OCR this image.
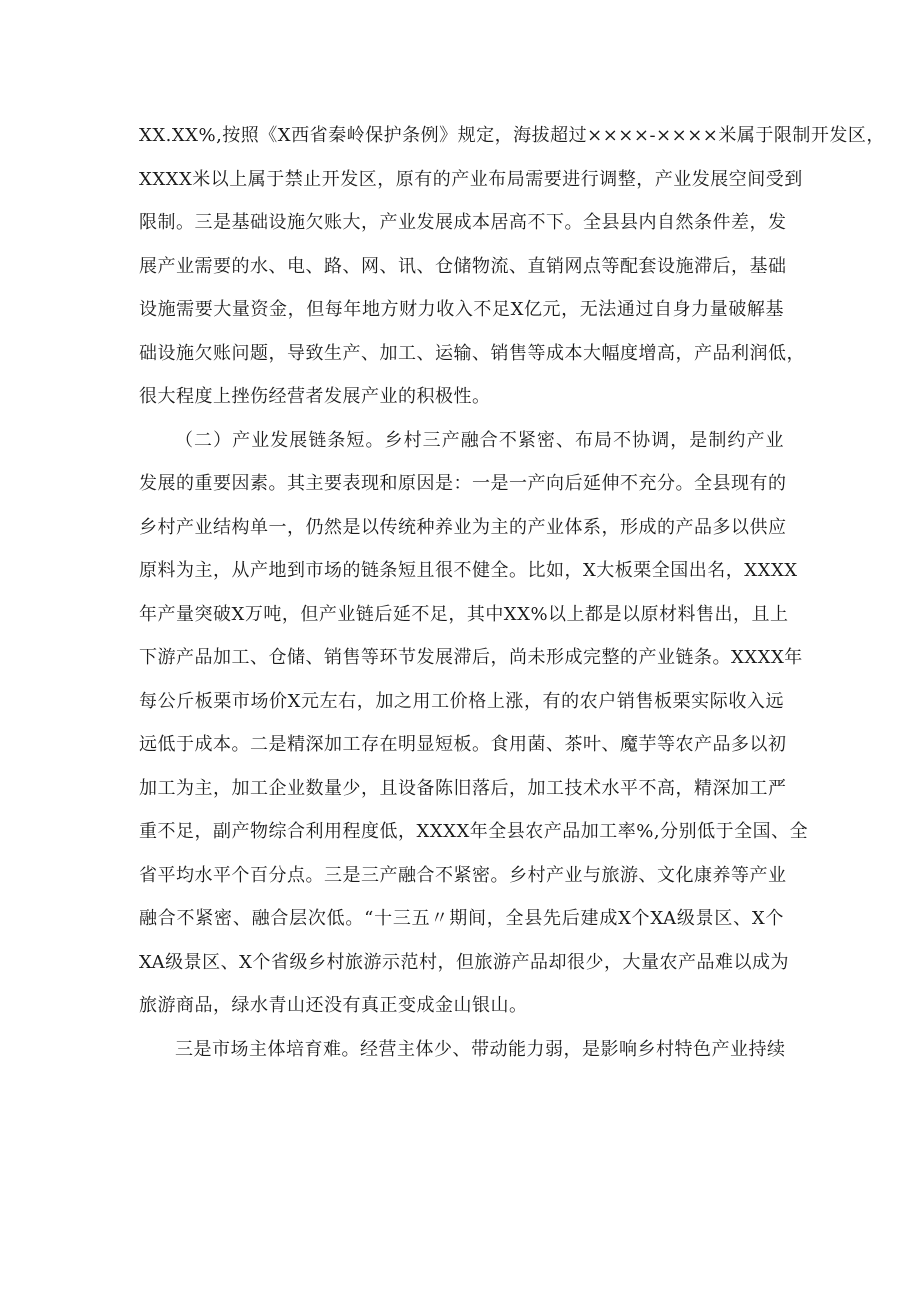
XX.XX%,按照《X西省秦岭保护条例》规定，海拔超过××××-××××米属于限制开发区，
XXXX米以上属于禁止开发区，原有的产业布局需要进行调整，产业发展空间受到
限制。三是基础设施欠账大，产业发展成本居高不下。全县县内自然条件差，发
展产业需要的水、电、路、网、讯、仓储物流、直销网点等配套设施滞后，基础
设施需要大量资金，但每年地方财力收入不足X亿元，无法通过自身力量破解基
础设施欠账问题，导致生产、加工、运输、销售等成本大幅度增高，产品利润低，
很大程度上挫伤经营者发展产业的积极性。
（二）产业发展链条短。乡村三产融合不紧密、布局不协调，是制约产业
发展的重要因素。其主要表现和原因是：一是一产向后延伸不充分。全县现有的
乡村产业结构单一，仍然是以传统种养业为主的产业体系，形成的产品多以供应
原料为主，从产地到市场的链条短且很不健全。比如，X大板栗全国出名，XXXX
年产量突破X万吨，但产业链后延不足，其中XX%以上都是以原材料售出，且上
下游产品加工、仓储、销售等环节发展滞后，尚未形成完整的产业链条。XXXX年
每公斤板栗市场价X元左右，加之用工价格上涨，有的农户销售板栗实际收入远
远低于成本。二是精深加工存在明显短板。食用菌、茶叶、魔芋等农产品多以初
加工为主，加工企业数量少，且设备陈旧落后，加工技术水平不高，精深加工严
重不足，副产物综合利用程度低，XXXX年全县农产品加工率%,分别低于全国、全
省平均水平个百分点。三是三产融合不紧密。乡村产业与旅游、文化康养等产业
融合不紧密、融合层次低。“十三五〃期间，全县先后建成X个XA级景区、X个
XA级景区、X个省级乡村旅游示范村，但旅游产品却很少，大量农产品难以成为
旅游商品，绿水青山还没有真正变成金山银山。
三是市场主体培育难。经营主体少、带动能力弱，是影响乡村特色产业持续
